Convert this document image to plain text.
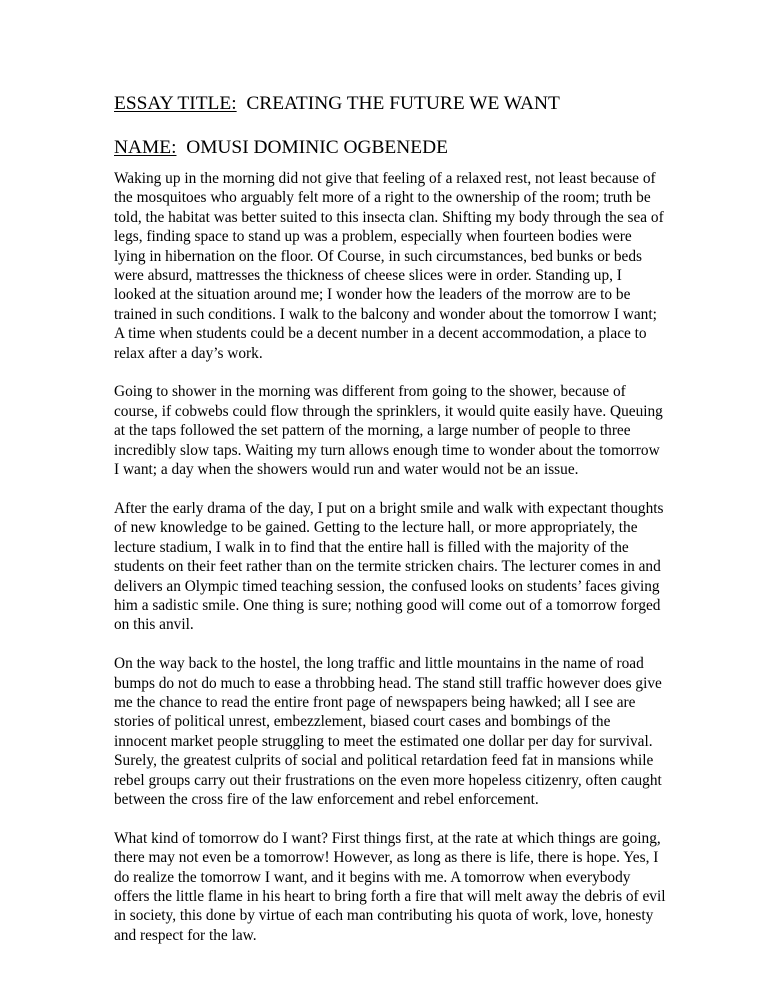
ESSAY TITLE: CREATING THE FUTURE WE WANT

NAME: OMUSI DOMINIC OGBENEDE

Waking up in the morning did not give that feeling of a relaxed rest, not least because of
the mosquitoes who arguably felt more of a right to the ownership of the room; truth be
told, the habitat was better suited to this insecta clan. Shifting my body through the sea of
legs, finding space to stand up was a problem, especially when fourteen bodies were
lying in hibernation on the floor. Of Course, in such circumstances, bed bunks or beds
were absurd, mattresses the thickness of cheese slices were in order. Standing up, I
looked at the situation around me; I wonder how the leaders of the morrow are to be
trained in such conditions. I walk to the balcony and wonder about the tomorrow I want;
A time when students could be a decent number in a decent accommodation, a place to
relax after a day’s work.

Going to shower in the morning was different from going to the shower, because of
course, if cobwebs could flow through the sprinklers, it would quite easily have. Queuing
at the taps followed the set pattern of the morning, a large number of people to three
incredibly slow taps. Waiting my turn allows enough time to wonder about the tomorrow
I want; a day when the showers would run and water would not be an issue.

After the early drama of the day, I put on a bright smile and walk with expectant thoughts
of new knowledge to be gained. Getting to the lecture hall, or more appropriately, the
lecture stadium, I walk in to find that the entire hall is filled with the majority of the
students on their feet rather than on the termite stricken chairs. The lecturer comes in and
delivers an Olympic timed teaching session, the confused looks on students’ faces giving
him a sadistic smile. One thing is sure; nothing good will come out of a tomorrow forged
on this anvil.

On the way back to the hostel, the long traffic and little mountains in the name of road
bumps do not do much to ease a throbbing head. The stand still traffic however does give
me the chance to read the entire front page of newspapers being hawked; all I see are
stories of political unrest, embezzlement, biased court cases and bombings of the
innocent market people struggling to meet the estimated one dollar per day for survival.
Surely, the greatest culprits of social and political retardation feed fat in mansions while
rebel groups carry out their frustrations on the even more hopeless citizenry, often caught
between the cross fire of the law enforcement and rebel enforcement.

What kind of tomorrow do I want? First things first, at the rate at which things are going,
there may not even be a tomorrow! However, as long as there is life, there is hope. Yes, I
do realize the tomorrow I want, and it begins with me. A tomorrow when everybody
offers the little flame in his heart to bring forth a fire that will melt away the debris of evil
in society, this done by virtue of each man contributing his quota of work, love, honesty
and respect for the law.
